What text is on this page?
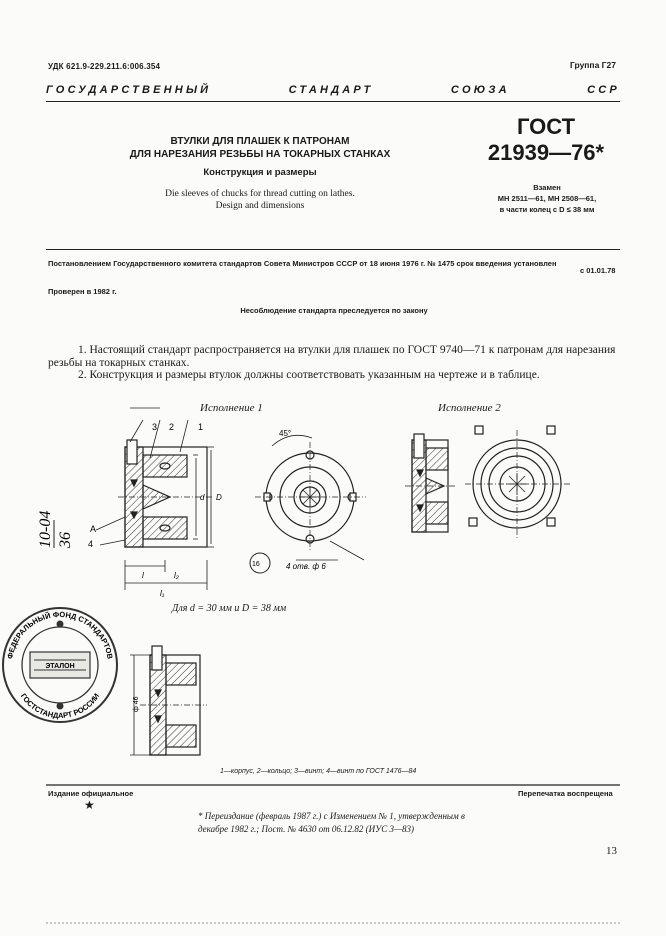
УДК 621.9-229.211.6:006.354	Группа Г27
ГОСУДАРСТВЕННЫЙ	СТАНДАРТ	СОЮЗА	ССР
ВТУЛКИ ДЛЯ ПЛАШЕК К ПАТРОНАМ
ДЛЯ НАРЕЗАНИЯ РЕЗЬБЫ НА ТОКАРНЫХ СТАНКАХ
Конструкция и размеры
Die sleeves of chucks for thread cutting on lathes.
Design and dimensions
ГОСТ
21939—76*
Взамен
МН 2511—61, МН 2508—61,
в части колец с D ≤ 38 мм
Постановлением Государственного комитета стандартов Совета Министров СССР от 18 июня 1976 г. № 1475 срок введения установлен
с 01.01.78
Проверен в 1982 г.
Несоблюдение стандарта преследуется по закону
1. Настоящий стандарт распространяется на втулки для плашек по ГОСТ 9740—71 к патронам для нарезания резьбы на токарных станках.
2. Конструкция и размеры втулок должны соответствовать указанным на чертеже и в таблице.
3 2	1
A
4
d D
l	l₂
l₁
45°
4 отв. ф 6
16
ф 46
10-04 36
ФЕДЕРАЛЬНЫЙ ФОНД СТАНДАРТОВ
ГОСТСТАНДАРТ РОССИИ
ЭТАЛОН
Исполнение 1	Исполнение 2
Для d = 30 мм и D = 38 мм
1—корпус, 2—кольцо; 3—винт; 4—винт по ГОСТ 1476—84
Издание официальное	Перепечатка воспрещена
★
* Переиздание (февраль 1987 г.) с Изменением № 1, утвержденным в декабре 1982 г.; Пост. № 4630 от 06.12.82 (ИУС 3—83)
13
